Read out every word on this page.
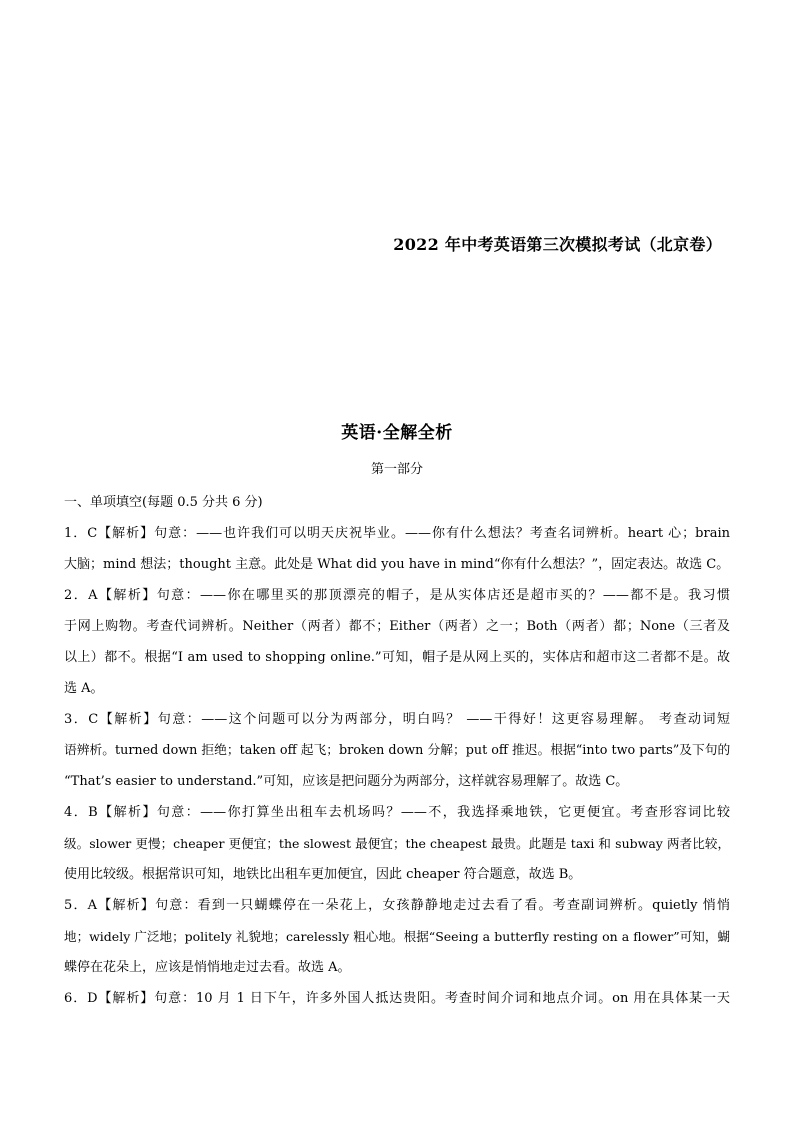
2022 年中考英语第三次模拟考试（北京卷）
英语·全解全析
第一部分
一、单项填空(每题 0.5 分共 6 分)
1．C【解析】句意：——也许我们可以明天庆祝毕业。——你有什么想法？考查名词辨析。heart 心；brain
大脑；mind 想法；thought 主意。此处是 What did you have in mind“你有什么想法？”，固定表达。故选 C。
2．A【解析】句意：——你在哪里买的那顶漂亮的帽子，是从实体店还是超市买的？——都不是。我习惯
于网上购物。考查代词辨析。Neither（两者）都不；Either（两者）之一；Both（两者）都；None（三者及
以上）都不。根据“I am used to shopping online.”可知，帽子是从网上买的，实体店和超市这二者都不是。故
选 A。
3．C【解析】句意：——这个问题可以分为两部分，明白吗？ ——干得好！这更容易理解。 考查动词短
语辨析。turned down 拒绝；taken off 起飞；broken down 分解；put off 推迟。根据“into two parts”及下句的
“That’s easier to understand.”可知，应该是把问题分为两部分，这样就容易理解了。故选 C。
4．B【解析】句意：——你打算坐出租车去机场吗？——不，我选择乘地铁，它更便宜。考查形容词比较
级。slower 更慢；cheaper 更便宜；the slowest 最便宜；the cheapest 最贵。此题是 taxi 和 subway 两者比较，
使用比较级。根据常识可知，地铁比出租车更加便宜，因此 cheaper 符合题意，故选 B。
5．A【解析】句意：看到一只蝴蝶停在一朵花上，女孩静静地走过去看了看。考查副词辨析。quietly 悄悄
地；widely 广泛地；politely 礼貌地；carelessly 粗心地。根据“Seeing a butterfly resting on a flower”可知，蝴
蝶停在花朵上，应该是悄悄地走过去看。故选 A。
6．D【解析】句意：10 月 1 日下午，许多外国人抵达贵阳。考查时间介词和地点介词。on 用在具体某一天
